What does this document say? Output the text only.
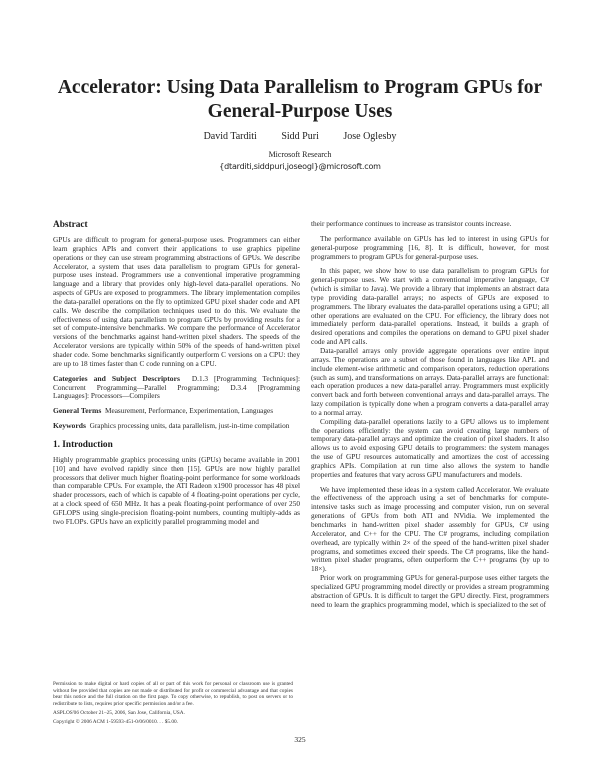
Accelerator: Using Data Parallelism to Program GPUs for General-Purpose Uses
David Tarditi Sidd Puri Jose Oglesby
Microsoft Research
{dtarditi,siddpuri,joseogl}@microsoft.com

Abstract

GPUs are difficult to program for general-purpose uses. Programmers can either learn graphics APIs and convert their applications to use graphics pipeline operations or they can use stream programming abstractions of GPUs. We describe Accelerator, a system that uses data parallelism to program GPUs for general-purpose uses instead. Programmers use a conventional imperative programming language and a library that provides only high-level data-parallel operations. No aspects of GPUs are exposed to programmers. The library implementation compiles the data-parallel operations on the fly to optimized GPU pixel shader code and API calls. We describe the compilation techniques used to do this. We evaluate the effectiveness of using data parallelism to program GPUs by providing results for a set of compute-intensive benchmarks. We compare the performance of Accelerator versions of the benchmarks against hand-written pixel shaders. The speeds of the Accelerator versions are typically within 50% of the speeds of hand-written pixel shader code. Some benchmarks significantly outperform C versions on a CPU: they are up to 18 times faster than C code running on a CPU.

Categories and Subject Descriptors D.1.3 [Programming Techniques]: Concurrent Programming—Parallel Programming; D.3.4 [Programming Languages]: Processors—Compilers

General Terms Measurement, Performance, Experimentation, Languages

Keywords Graphics processing units, data parallelism, just-in-time compilation

1. Introduction

Highly programmable graphics processing units (GPUs) became available in 2001 [10] and have evolved rapidly since then [15]. GPUs are now highly parallel processors that deliver much higher floating-point performance for some workloads than comparable CPUs. For example, the ATI Radeon x1900 processor has 48 pixel shader processors, each of which is capable of 4 floating-point operations per cycle, at a clock speed of 650 MHz. It has a peak floating-point performance of over 250 GFLOPS using single-precision floating-point numbers, counting multiply-adds as two FLOPs. GPUs have an explicitly parallel programming model and

their performance continues to increase as transistor counts increase.

The performance available on GPUs has led to interest in using GPUs for general-purpose programming [16, 8]. It is difficult, however, for most programmers to program GPUs for general-purpose uses.

In this paper, we show how to use data parallelism to program GPUs for general-purpose uses. We start with a conventional imperative language, C# (which is similar to Java). We provide a library that implements an abstract data type providing data-parallel arrays; no aspects of GPUs are exposed to programmers. The library evaluates the data-parallel operations using a GPU; all other operations are evaluated on the CPU. For efficiency, the library does not immediately perform data-parallel operations. Instead, it builds a graph of desired operations and compiles the operations on demand to GPU pixel shader code and API calls.

Data-parallel arrays only provide aggregate operations over entire input arrays. The operations are a subset of those found in languages like APL and include element-wise arithmetic and comparison operators, reduction operations (such as sum), and transformations on arrays. Data-parallel arrays are functional: each operation produces a new data-parallel array. Programmers must explicitly convert back and forth between conventional arrays and data-parallel arrays. The lazy compilation is typically done when a program converts a data-parallel array to a normal array.

Compiling data-parallel operations lazily to a GPU allows us to implement the operations efficiently: the system can avoid creating large numbers of temporary data-parallel arrays and optimize the creation of pixel shaders. It also allows us to avoid exposing GPU details to programmers: the system manages the use of GPU resources automatically and amortizes the cost of accessing graphics APIs. Compilation at run time also allows the system to handle properties and features that vary across GPU manufacturers and models.

We have implemented these ideas in a system called Accelerator. We evaluate the effectiveness of the approach using a set of benchmarks for compute-intensive tasks such as image processing and computer vision, run on several generations of GPUs from both ATI and NVidia. We implemented the benchmarks in hand-written pixel shader assembly for GPUs, C# using Accelerator, and C++ for the CPU. The C# programs, including compilation overhead, are typically within 2× of the speed of the hand-written pixel shader programs, and sometimes exceed their speeds. The C# programs, like the hand-written pixel shader programs, often outperform the C++ programs (by up to 18×).

Prior work on programming GPUs for general-purpose uses either targets the specialized GPU programming model directly or provides a stream programming abstraction of GPUs. It is difficult to target the GPU directly. First, programmers need to learn the graphics programming model, which is specialized to the set of

Permission to make digital or hard copies of all or part of this work for personal or classroom use is granted without fee provided that copies are not made or distributed for profit or commercial advantage and that copies bear this notice and the full citation on the first page. To copy otherwise, to republish, to post on servers or to redistribute to lists, requires prior specific permission and/or a fee.

ASPLOS'06 October 21–25, 2006, San Jose, California, USA.

Copyright © 2006 ACM 1-59593-451-0/06/0010. . . $5.00.

325
